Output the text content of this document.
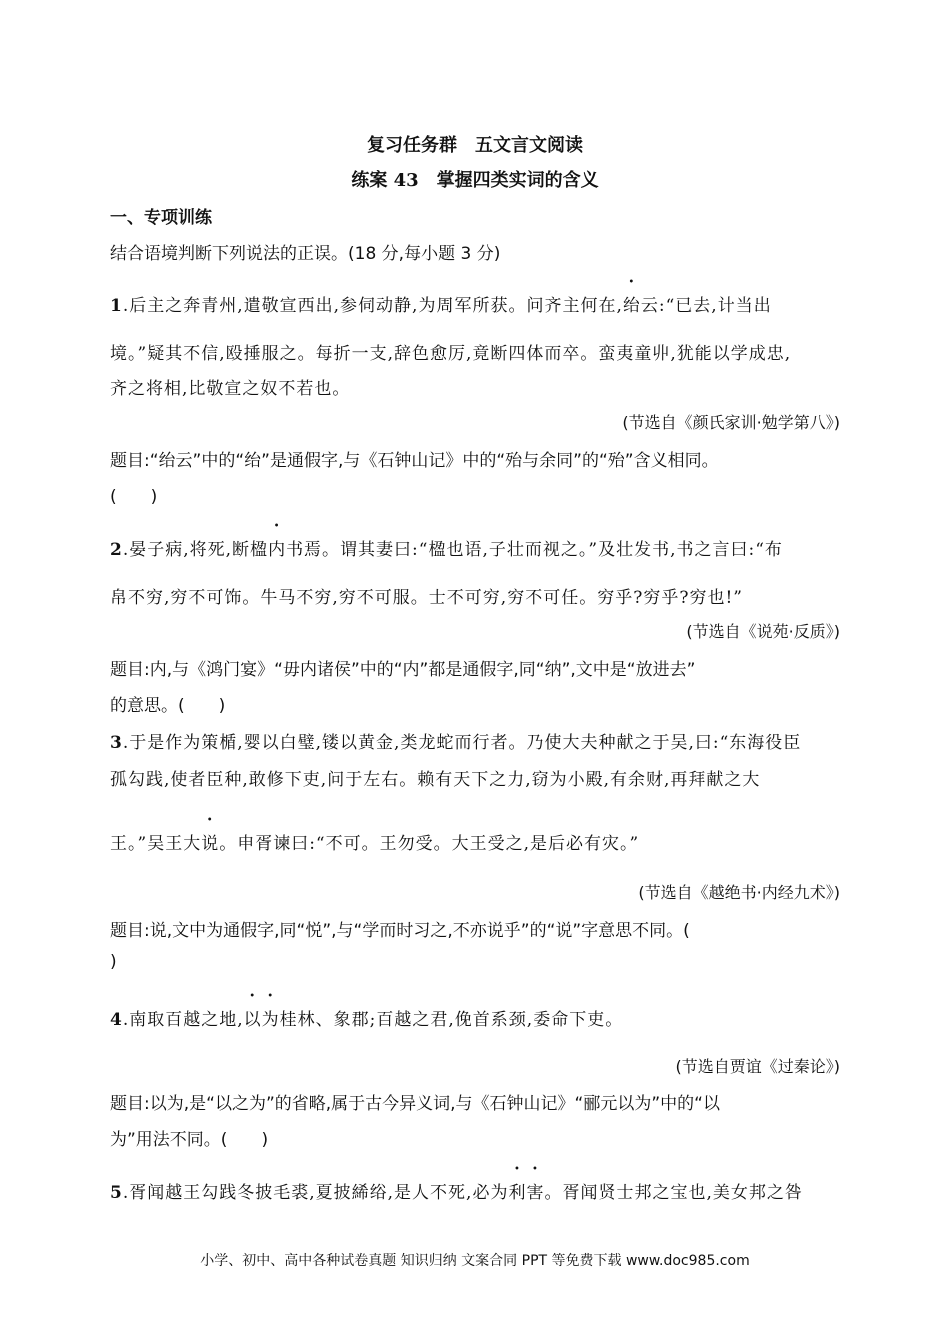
复习任务群　五文言文阅读
练案 43　掌握四类实词的含义
一、专项训练
结合语境判断下列说法的正误。(18 分,每小题 3 分)
1.后主之奔青州,遣敬宣西出,参伺动静,为周军所获。问齐主何在,绐云:“已去,计当出
境。”疑其不信,殴捶服之。每折一支,辞色愈厉,竟断四体而卒。蛮夷童丱,犹能以学成忠,
齐之将相,比敬宣之奴不若也。
(节选自《颜氏家训·勉学第八》)
题目:“绐云”中的“绐”是通假字,与《石钟山记》中的“殆与余同”的“殆”含义相同。
(　　)
2.晏子病,将死,断楹内书焉。谓其妻曰:“楹也语,子壮而视之。”及壮发书,书之言曰:“布
帛不穷,穷不可饰。牛马不穷,穷不可服。士不可穷,穷不可任。穷乎?穷乎?穷也!”
(节选自《说苑·反质》)
题目:内,与《鸿门宴》“毋内诸侯”中的“内”都是通假字,同“纳”,文中是“放进去”
的意思。(　　)
3.于是作为策楯,婴以白璧,镂以黄金,类龙蛇而行者。乃使大夫种献之于吴,曰:“东海役臣
孤勾践,使者臣种,敢修下吏,问于左右。赖有天下之力,窃为小殿,有余财,再拜献之大
王。”吴王大说。申胥谏曰:“不可。王勿受。大王受之,是后必有灾。”
(节选自《越绝书·内经九术》)
题目:说,文中为通假字,同“悦”,与“学而时习之,不亦说乎”的“说”字意思不同。(
)
4.南取百越之地,以为桂林、象郡;百越之君,俛首系颈,委命下吏。
(节选自贾谊《过秦论》)
题目:以为,是“以之为”的省略,属于古今异义词,与《石钟山记》“郦元以为”中的“以
为”用法不同。(　　)
5.胥闻越王勾践冬披毛裘,夏披絺绤,是人不死,必为利害。胥闻贤士邦之宝也,美女邦之咎
小学、初中、高中各种试卷真题 知识归纳 文案合同 PPT 等免费下载 www.doc985.com
